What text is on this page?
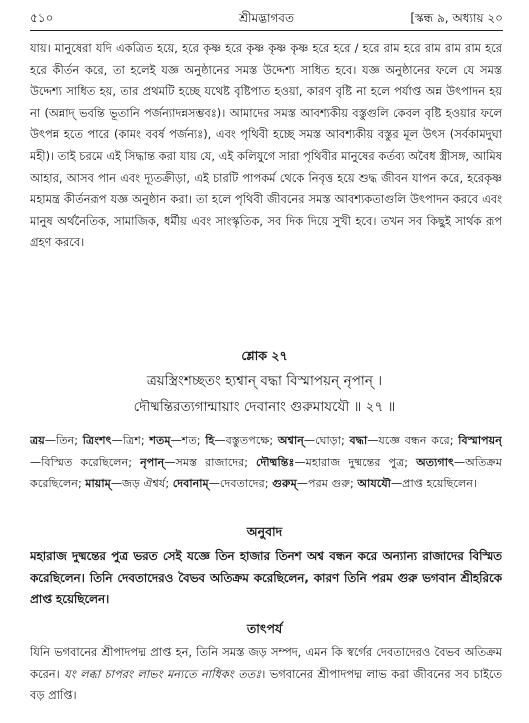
৫১০	শ্রীমদ্ভাগবত	[স্কন্ধ ৯, অধ্যায় ২০

যায়। মানুষেরা যদি একত্রিত হয়ে, হরে কৃষ্ণ হরে কৃষ্ণ কৃষ্ণ কৃষ্ণ হরে হরে / হরে রাম হরে রাম রাম রাম হরে হরে কীর্তন করে, তা হলেই যজ্ঞ অনুষ্ঠানের সমস্ত উদ্দেশ্য সাধিত হবে। যজ্ঞ অনুষ্ঠানের ফলে যে সমস্ত উদ্দেশ্য সাধিত হয়, তার প্রথমটি হচ্ছে যথেষ্ট বৃষ্টিপাত হওয়া, কারণ বৃষ্টি না হলে পর্যাপ্ত অন্ন উৎপাদন হয় না (অন্নাদ্ ভবন্তি ভূতানি পর্জন্যাদন্নসম্ভবঃ)। আমাদের সমস্ত আবশ্যকীয় বস্তুগুলি কেবল বৃষ্টি হওয়ার ফলে উৎপন্ন হতে পারে (কামং ববর্ষ পর্জন্যঃ), এবং পৃথিবী হচ্ছে সমস্ত আবশ্যকীয় বস্তুর মূল উৎস (সর্বকামদুঘা মহী)। তাই চরমে এই সিদ্ধান্ত করা যায় যে, এই কলিযুগে সারা পৃথিবীর মানুষের কর্তব্য অবৈধ স্ত্রীসঙ্গ, আমিষ আহার, আসব পান এবং দ্যূতক্রীড়া, এই চারটি পাপকর্ম থেকে নিবৃত্ত হয়ে শুদ্ধ জীবন যাপন করে, হরেকৃষ্ণ মহামন্ত্র কীর্তনরূপ যজ্ঞ অনুষ্ঠান করা। তা হলে পৃথিবী জীবনের সমস্ত আবশ্যকতাগুলি উৎপাদন করবে এবং মানুষ অর্থনৈতিক, সামাজিক, ধর্মীয় এবং সাংস্কৃতিক, সব দিক দিয়ে সুখী হবে। তখন সব কিছুই সার্থক রূপ গ্রহণ করবে।

শ্লোক ২৭

ত্রয়স্ত্রিংশচ্ছতং হ্যশ্বান্ বদ্ধা বিস্মাপয়ন্ নৃপান্ ।

দৌষ্মন্তিরত্যগান্মায়াং দেবানাং গুরুমাযযৌ ॥ ২৭ ॥

ত্রয়—তিন; ত্রিংশৎ—ত্রিশ; শতম্—শত; হি—বস্তুতপক্ষে; অশ্বান্—ঘোড়া; বদ্ধা—যজ্ঞে বন্ধন করে; বিস্মাপয়ন্—বিস্মিত করেছিলেন; নৃপান্—সমস্ত রাজাদের; দৌষ্মন্তিঃ—মহারাজ দুষ্মন্তের পুত্র; অত্যগাৎ—অতিক্রম করেছিলেন; মায়াম্—জড় ঐশ্বর্য; দেবানাম্—দেবতাদের; গুরুম্—পরম গুরু; আযযৌ—প্রাপ্ত হয়েছিলেন।

অনুবাদ

মহারাজ দুষ্মন্তের পুত্র ভরত সেই যজ্ঞে তিন হাজার তিনশ অশ্ব বন্ধন করে অন্যান্য রাজাদের বিস্মিত করেছিলেন। তিনি দেবতাদেরও বৈভব অতিক্রম করেছিলেন, কারণ তিনি পরম গুরু ভগবান শ্রীহরিকে প্রাপ্ত হয়েছিলেন।

তাৎপর্য

যিনি ভগবানের শ্রীপাদপদ্ম প্রাপ্ত হন, তিনি সমস্ত জড় সম্পদ, এমন কি স্বর্গের দেবতাদেরও বৈভব অতিক্রম করেন। যং লব্ধা চাপরং লাভং মন্যতে নাধিকং ততঃ। ভগবানের শ্রীপাদপদ্ম লাভ করা জীবনের সব চাইতে বড় প্রাপ্তি।
